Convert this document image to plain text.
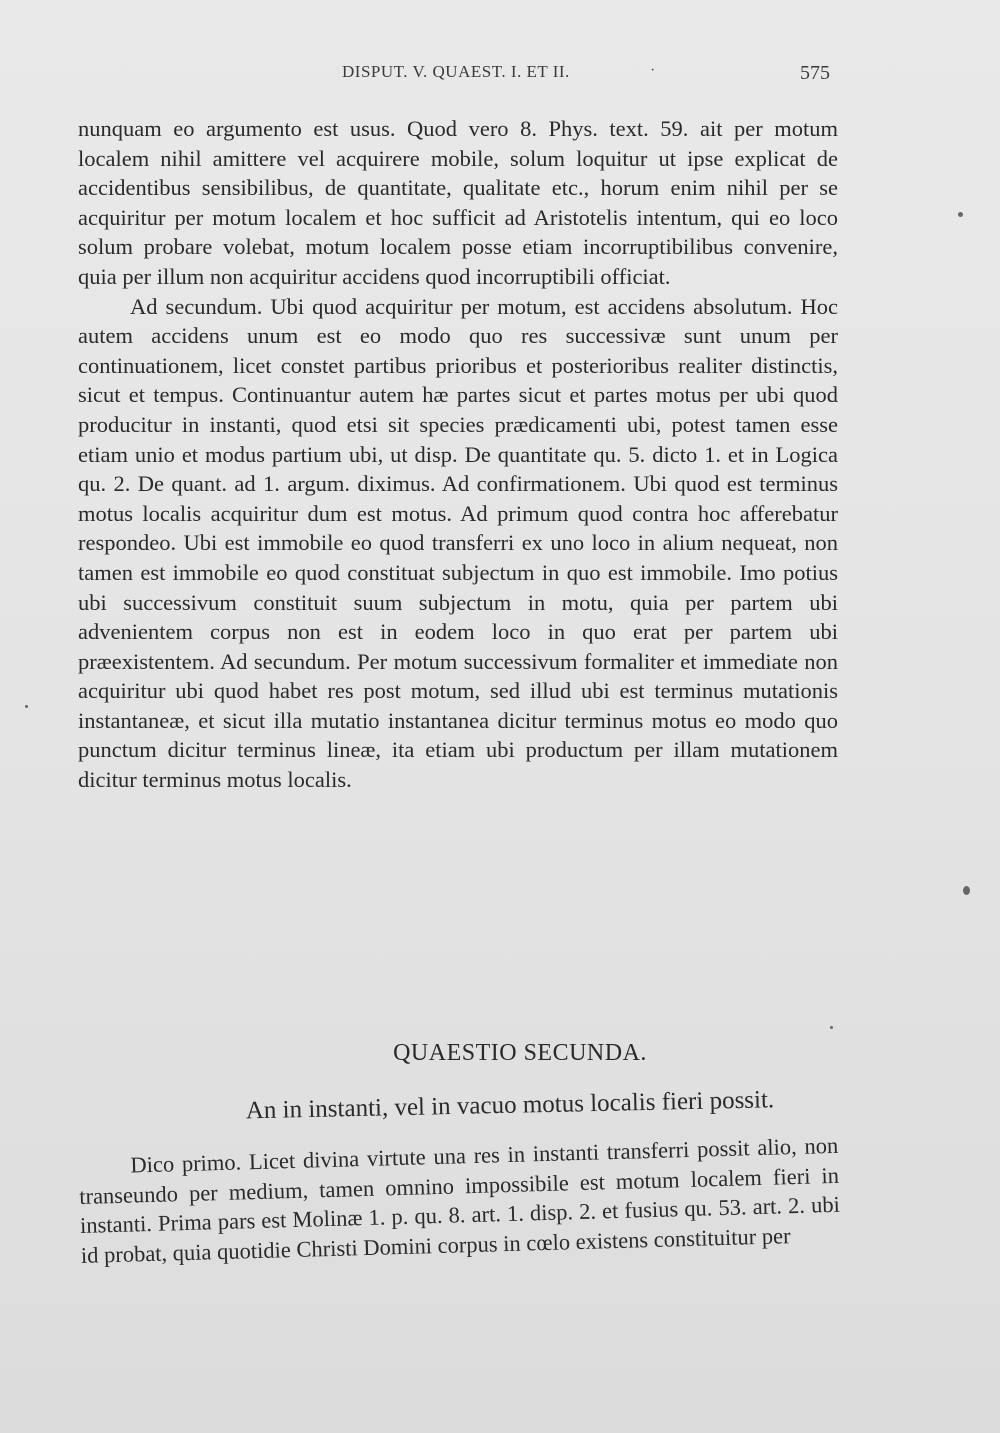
DISPUT. V. QUAEST. I. ET II.	·	575

nunquam eo argumento est usus. Quod vero 8. Phys. text. 59. ait per motum localem nihil amittere vel acquirere mobile, solum loquitur ut ipse explicat de accidentibus sensibilibus, de quantitate, qualitate etc., horum enim nihil per se acquiritur per motum localem et hoc sufficit ad Aristotelis intentum, qui eo loco solum probare volebat, motum localem posse etiam incorruptibilibus convenire, quia per illum non acquiritur accidens quod incorruptibili officiat.

Ad secundum. Ubi quod acquiritur per motum, est accidens absolutum. Hoc autem accidens unum est eo modo quo res successivæ sunt unum per continuationem, licet constet partibus prioribus et posterioribus realiter distinctis, sicut et tempus. Continuantur autem hæ partes sicut et partes motus per ubi quod producitur in instanti, quod etsi sit species prædicamenti ubi, potest tamen esse etiam unio et modus partium ubi, ut disp. De quantitate qu. 5. dicto 1. et in Logica qu. 2. De quant. ad 1. argum. diximus. Ad confirmationem. Ubi quod est terminus motus localis acquiritur dum est motus. Ad primum quod contra hoc afferebatur respondeo. Ubi est immobile eo quod transferri ex uno loco in alium nequeat, non tamen est immobile eo quod constituat subjectum in quo est immobile. Imo potius ubi successivum constituit suum subjectum in motu, quia per partem ubi advenientem corpus non est in eodem loco in quo erat per partem ubi præexistentem. Ad secundum. Per motum successivum formaliter et immediate non acquiritur ubi quod habet res post motum, sed illud ubi est terminus mutationis instantaneæ, et sicut illa mutatio instantanea dicitur terminus motus eo modo quo punctum dicitur terminus lineæ, ita etiam ubi productum per illam mutationem dicitur terminus motus localis.

QUAESTIO SECUNDA.
An in instanti, vel in vacuo motus localis fieri possit.

Dico primo. Licet divina virtute una res in instanti transferri possit alio, non transeundo per medium, tamen omnino impossibile est motum localem fieri in instanti. Prima pars est Molinæ 1. p. qu. 8. art. 1. disp. 2. et fusius qu. 53. art. 2. ubi id probat, quia quotidie Christi Domini corpus in cœlo existens constituitur per
